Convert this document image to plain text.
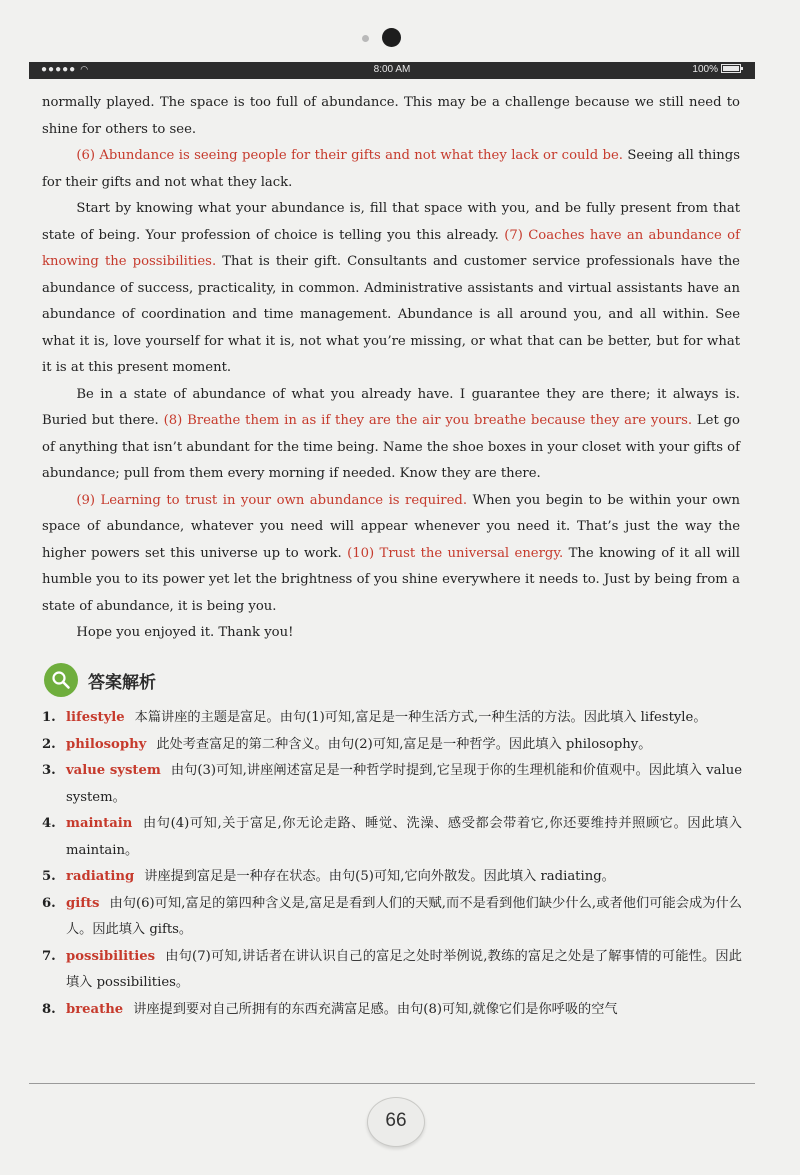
●●●●● ◠	8:00 AM	100%

normally played. The space is too full of abundance. This may be a challenge because we still need to shine for others to see.

(6) Abundance is seeing people for their gifts and not what they lack or could be. Seeing all things for their gifts and not what they lack.

Start by knowing what your abundance is, fill that space with you, and be fully present from that state of being. Your profession of choice is telling you this already. (7) Coaches have an abundance of knowing the possibilities. That is their gift. Consultants and customer service professionals have the abundance of success, practicality, in common. Administrative assistants and virtual assistants have an abundance of coordination and time management. Abundance is all around you, and all within. See what it is, love yourself for what it is, not what you’re missing, or what that can be better, but for what it is at this present moment.

Be in a state of abundance of what you already have. I guarantee they are there; it always is. Buried but there. (8) Breathe them in as if they are the air you breathe because they are yours. Let go of anything that isn’t abundant for the time being. Name the shoe boxes in your closet with your gifts of abundance; pull from them every morning if needed. Know they are there.

(9) Learning to trust in your own abundance is required. When you begin to be within your own space of abundance, whatever you need will appear whenever you need it. That’s just the way the higher powers set this universe up to work. (10) Trust the universal energy. The knowing of it all will humble you to its power yet let the brightness of you shine everywhere it needs to. Just by being from a state of abundance, it is being you.

Hope you enjoyed it. Thank you!

答案解析
1. lifestyle 本篇讲座的主题是富足。由句(1)可知,富足是一种生活方式,一种生活的方法。因此填入 lifestyle。
2. philosophy 此处考查富足的第二种含义。由句(2)可知,富足是一种哲学。因此填入 philosophy。
3. value system 由句(3)可知,讲座阐述富足是一种哲学时提到,它呈现于你的生理机能和价值观中。因此填入 value system。
4. maintain 由句(4)可知,关于富足,你无论走路、睡觉、洗澡、感受都会带着它,你还要维持并照顾它。因此填入 maintain。
5. radiating 讲座提到富足是一种存在状态。由句(5)可知,它向外散发。因此填入 radiating。
6. gifts 由句(6)可知,富足的第四种含义是,富足是看到人们的天赋,而不是看到他们缺少什么,或者他们可能会成为什么人。因此填入 gifts。
7. possibilities 由句(7)可知,讲话者在讲认识自己的富足之处时举例说,教练的富足之处是了解事情的可能性。因此填入 possibilities。
8. breathe 讲座提到要对自己所拥有的东西充满富足感。由句(8)可知,就像它们是你呼吸的空气
66
